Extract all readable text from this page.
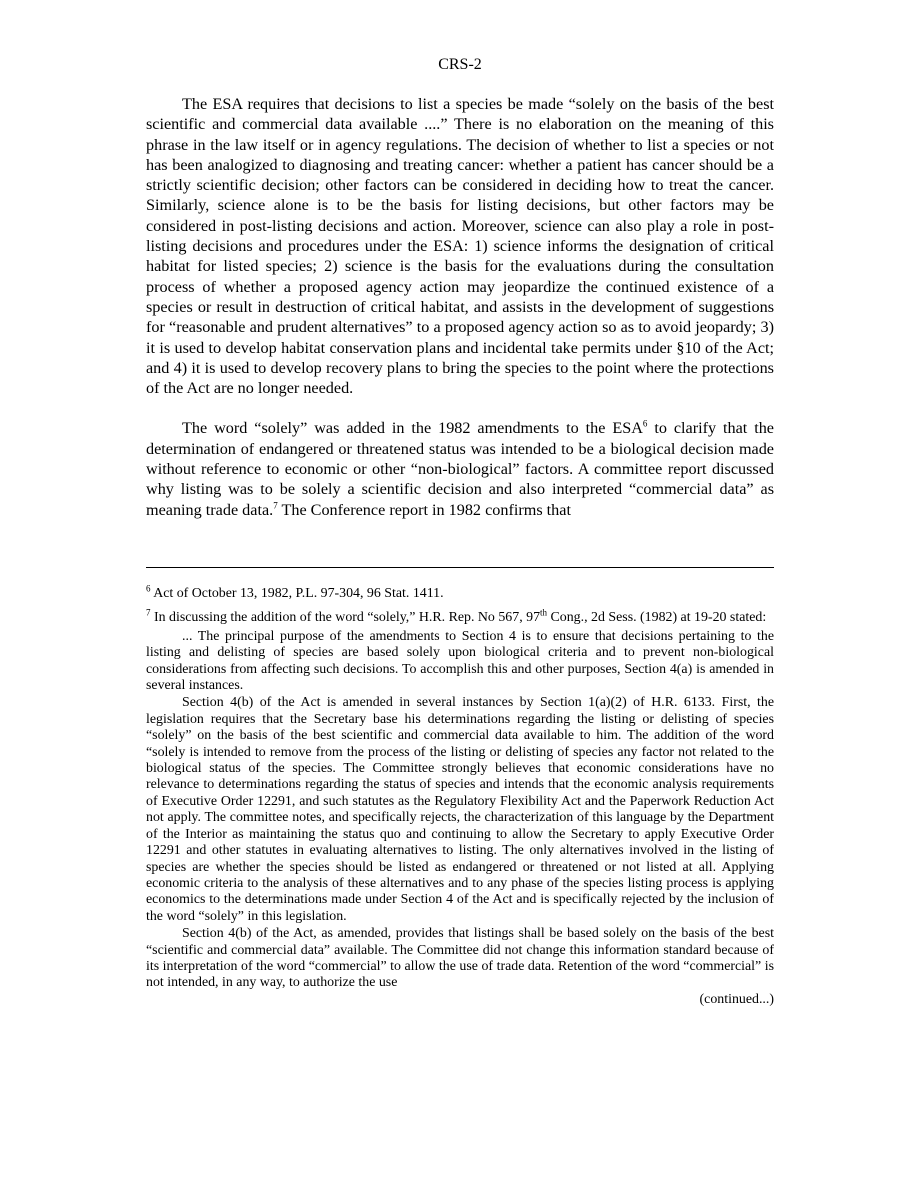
CRS-2

The ESA requires that decisions to list a species be made “solely on the basis of the best scientific and commercial data available ....” There is no elaboration on the meaning of this phrase in the law itself or in agency regulations. The decision of whether to list a species or not has been analogized to diagnosing and treating cancer: whether a patient has cancer should be a strictly scientific decision; other factors can be considered in deciding how to treat the cancer. Similarly, science alone is to be the basis for listing decisions, but other factors may be considered in post-listing decisions and action. Moreover, science can also play a role in post-listing decisions and procedures under the ESA: 1) science informs the designation of critical habitat for listed species; 2) science is the basis for the evaluations during the consultation process of whether a proposed agency action may jeopardize the continued existence of a species or result in destruction of critical habitat, and assists in the development of suggestions for “reasonable and prudent alternatives” to a proposed agency action so as to avoid jeopardy; 3) it is used to develop habitat conservation plans and incidental take permits under §10 of the Act; and 4) it is used to develop recovery plans to bring the species to the point where the protections of the Act are no longer needed.

The word “solely” was added in the 1982 amendments to the ESA$^6$ to clarify that the determination of endangered or threatened status was intended to be a biological decision made without reference to economic or other “non-biological” factors. A committee report discussed why listing was to be solely a scientific decision and also interpreted “commercial data” as meaning trade data.$^7$ The Conference report in 1982 confirms that

$^6$ Act of October 13, 1982, P.L. 97-304, 96 Stat. 1411.

$^7$ In discussing the addition of the word “solely,” H.R. Rep. No 567, 97th Cong., 2d Sess. (1982) at 19-20 stated:

... The principal purpose of the amendments to Section 4 is to ensure that decisions pertaining to the listing and delisting of species are based solely upon biological criteria and to prevent non-biological considerations from affecting such decisions. To accomplish this and other purposes, Section 4(a) is amended in several instances.

Section 4(b) of the Act is amended in several instances by Section 1(a)(2) of H.R. 6133. First, the legislation requires that the Secretary base his determinations regarding the listing or delisting of species “solely” on the basis of the best scientific and commercial data available to him. The addition of the word “solely is intended to remove from the process of the listing or delisting of species any factor not related to the biological status of the species. The Committee strongly believes that economic considerations have no relevance to determinations regarding the status of species and intends that the economic analysis requirements of Executive Order 12291, and such statutes as the Regulatory Flexibility Act and the Paperwork Reduction Act not apply. The committee notes, and specifically rejects, the characterization of this language by the Department of the Interior as maintaining the status quo and continuing to allow the Secretary to apply Executive Order 12291 and other statutes in evaluating alternatives to listing. The only alternatives involved in the listing of species are whether the species should be listed as endangered or threatened or not listed at all. Applying economic criteria to the analysis of these alternatives and to any phase of the species listing process is applying economics to the determinations made under Section 4 of the Act and is specifically rejected by the inclusion of the word “solely” in this legislation.

Section 4(b) of the Act, as amended, provides that listings shall be based solely on the basis of the best “scientific and commercial data” available. The Committee did not change this information standard because of its interpretation of the word “commercial” to allow the use of trade data. Retention of the word “commercial” is not intended, in any way, to authorize the use

(continued...)
